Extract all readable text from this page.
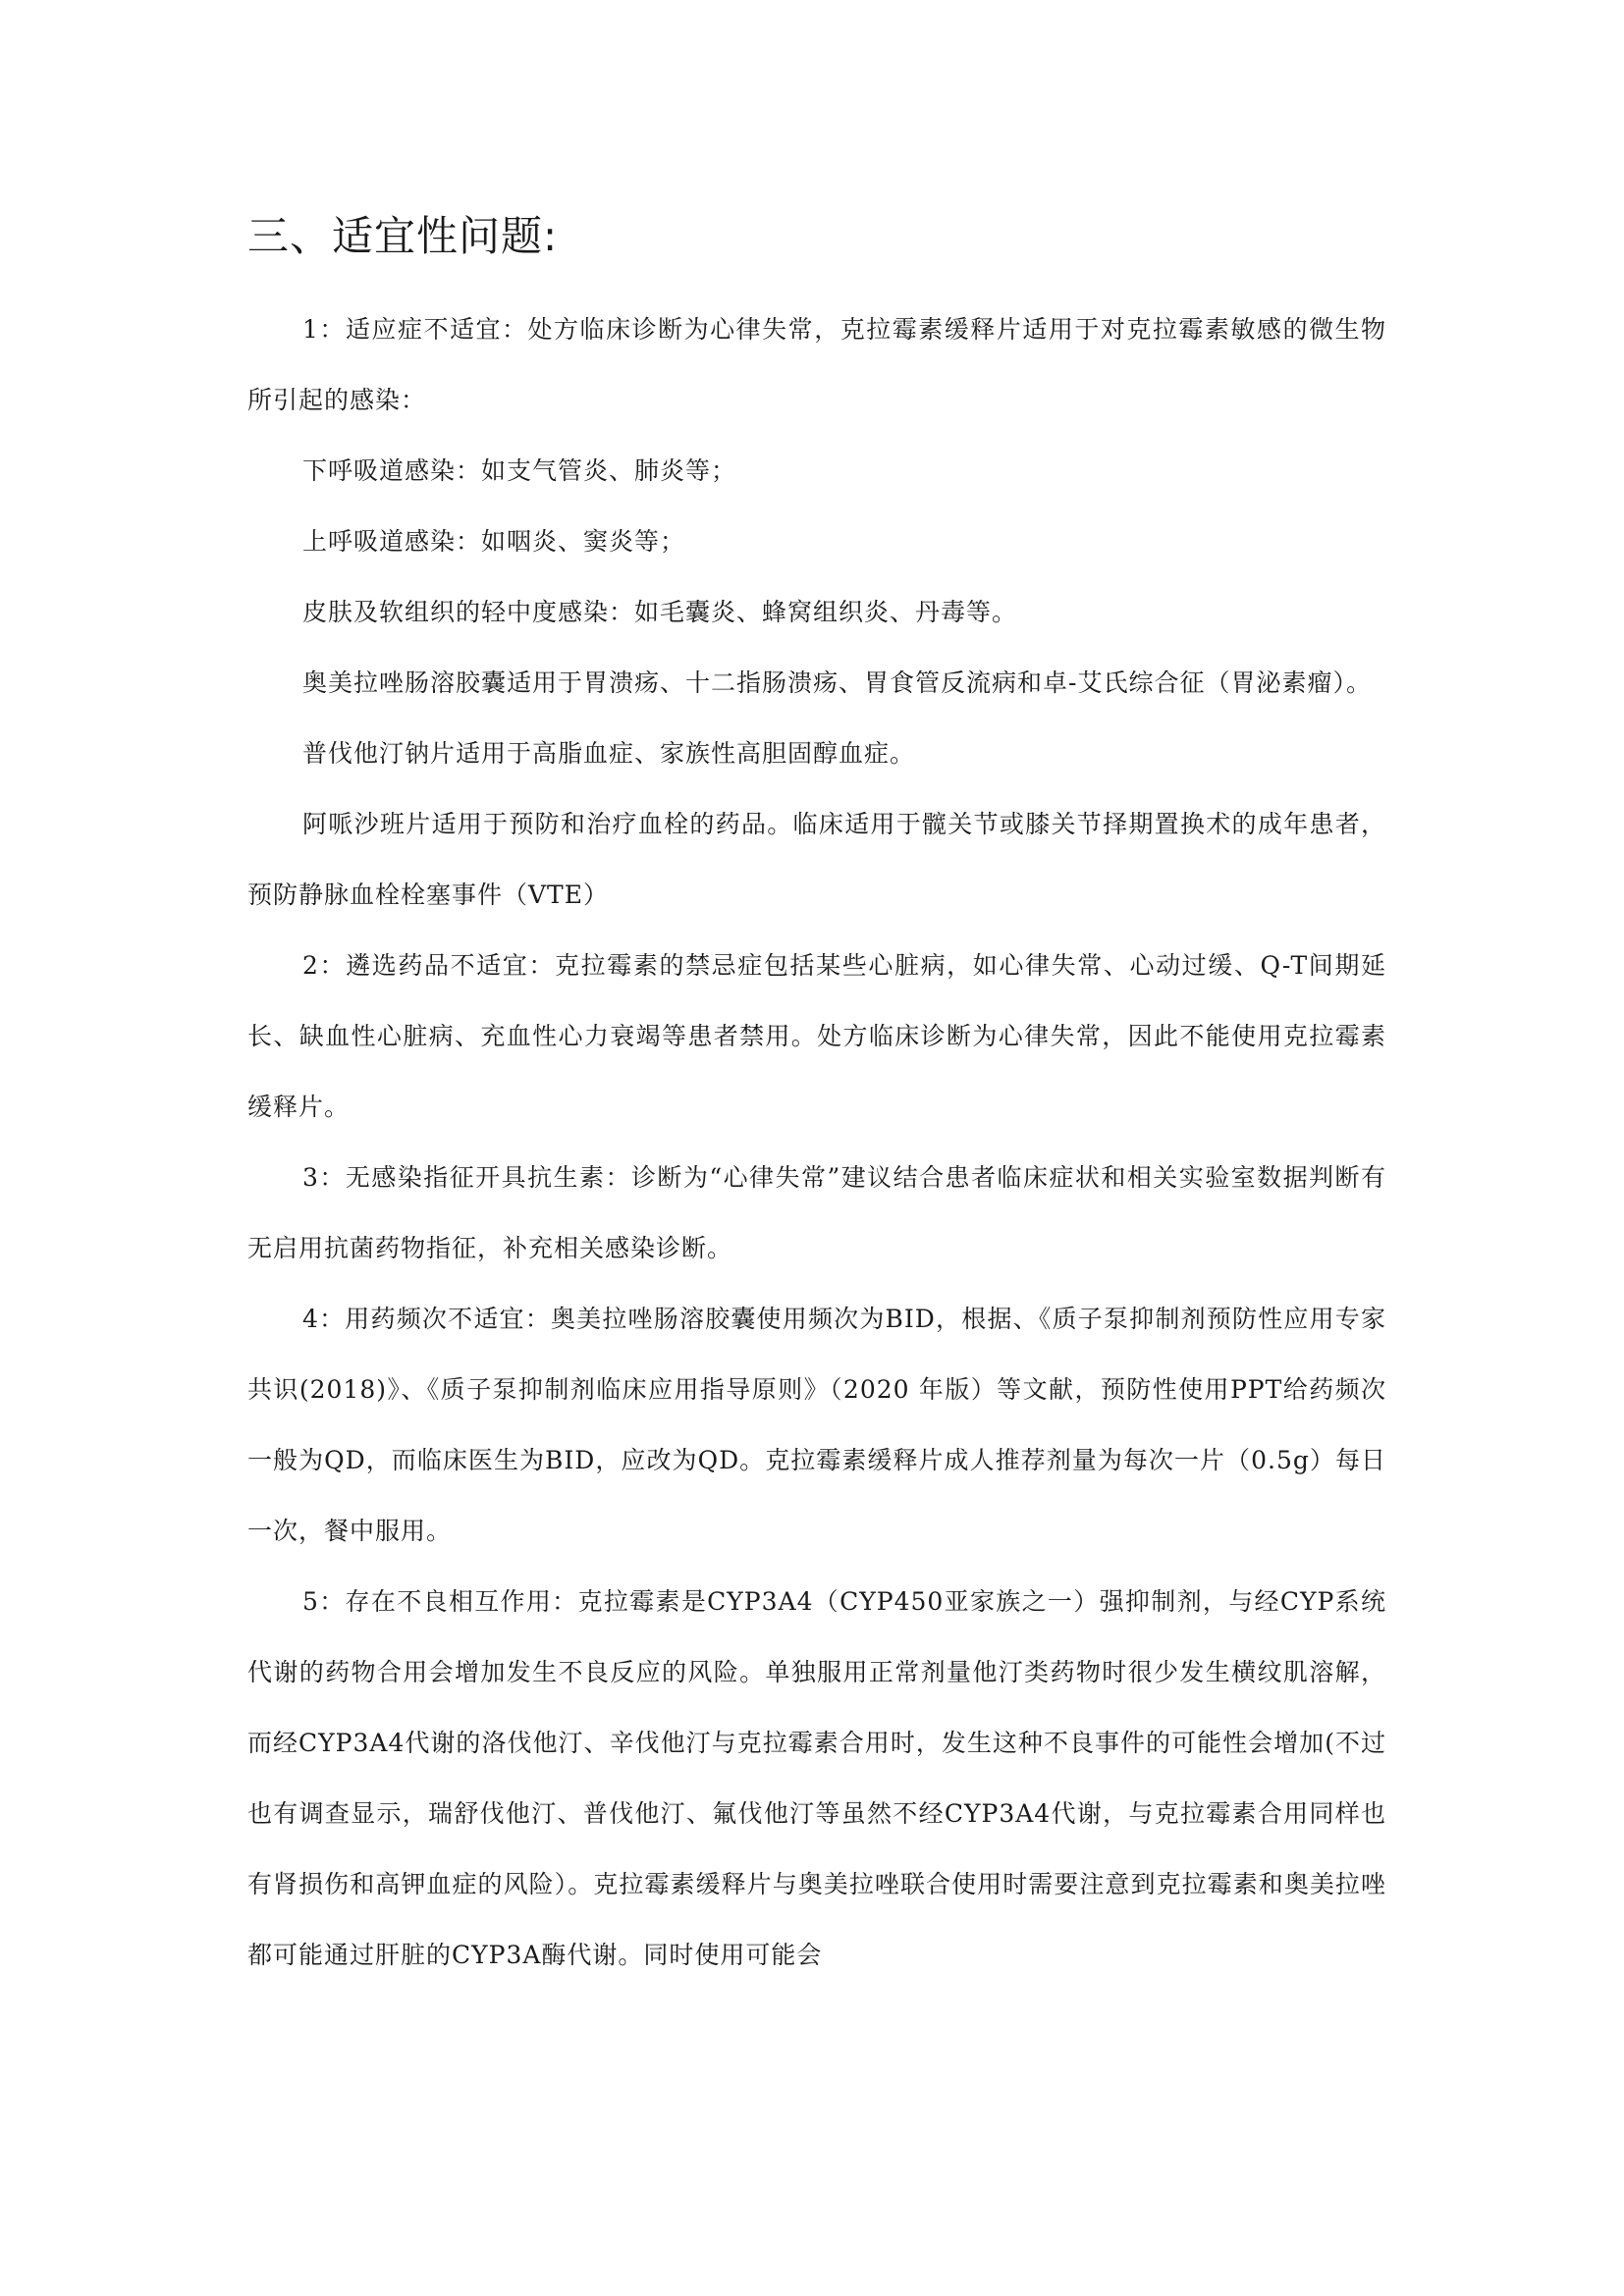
三、适宜性问题:

1：适应症不适宜：处方临床诊断为心律失常，克拉霉素缓释片适用于对克拉霉素敏感的微生物所引起的感染：

下呼吸道感染：如支气管炎、肺炎等；

上呼吸道感染：如咽炎、窦炎等；

皮肤及软组织的轻中度感染：如毛囊炎、蜂窝组织炎、丹毒等。

奥美拉唑肠溶胶囊适用于胃溃疡、十二指肠溃疡、胃食管反流病和卓-艾氏综合征（胃泌素瘤）。

普伐他汀钠片适用于高脂血症、家族性高胆固醇血症。

阿哌沙班片适用于预防和治疗血栓的药品。临床适用于髋关节或膝关节择期置换术的成年患者，预防静脉血栓栓塞事件（VTE）

2：遴选药品不适宜：克拉霉素的禁忌症包括某些心脏病，如心律失常、心动过缓、Q-T间期延长、缺血性心脏病、充血性心力衰竭等患者禁用。处方临床诊断为心律失常，因此不能使用克拉霉素缓释片。

3：无感染指征开具抗生素：诊断为“心律失常”建议结合患者临床症状和相关实验室数据判断有无启用抗菌药物指征，补充相关感染诊断。

4：用药频次不适宜：奥美拉唑肠溶胶囊使用频次为BID，根据、《质子泵抑制剂预防性应用专家共识(2018)》、《质子泵抑制剂临床应用指导原则》（2020 年版）等文献，预防性使用PPT给药频次一般为QD，而临床医生为BID，应改为QD。克拉霉素缓释片成人推荐剂量为每次一片（0.5g）每日一次，餐中服用。

5：存在不良相互作用：克拉霉素是CYP3A4（CYP450亚家族之一）强抑制剂，与经CYP系统代谢的药物合用会增加发生不良反应的风险。单独服用正常剂量他汀类药物时很少发生横纹肌溶解，而经CYP3A4代谢的洛伐他汀、辛伐他汀与克拉霉素合用时，发生这种不良事件的可能性会增加(不过也有调查显示，瑞舒伐他汀、普伐他汀、氟伐他汀等虽然不经CYP3A4代谢，与克拉霉素合用同样也有肾损伤和高钾血症的风险）。克拉霉素缓释片与奥美拉唑联合使用时需要注意到克拉霉素和奥美拉唑都可能通过肝脏的CYP3A酶代谢。同时使用可能会
